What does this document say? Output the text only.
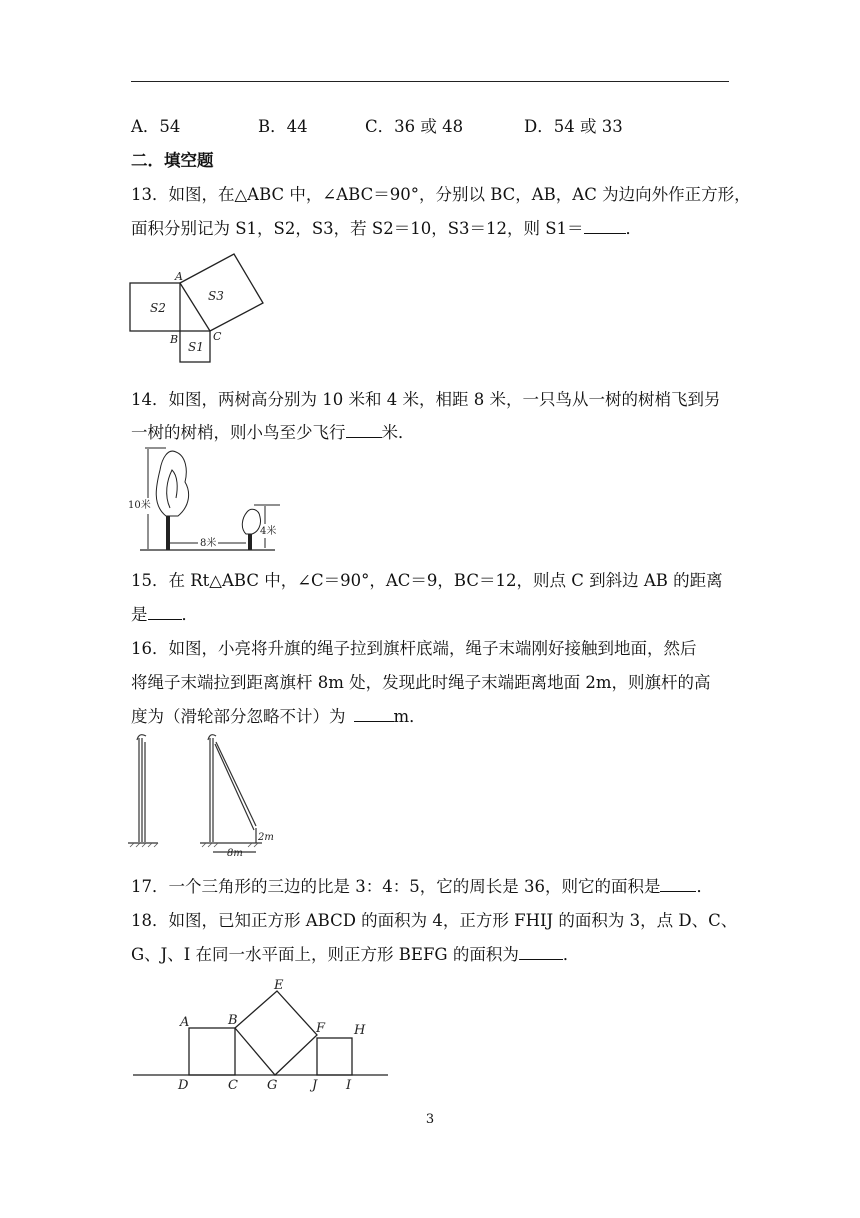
A．54	B．44	C．36 或 48	D．54 或 33
二．填空题
13．如图，在△ABC 中，∠ABC＝90°，分别以 BC，AB，AC 为边向外作正方形，
面积分别记为 S1，S2，S3，若 S2＝10，S3＝12，则 S1＝	．
A
B	C
S2
S3
S1
14．如图，两树高分别为 10 米和 4 米，相距 8 米，一只鸟从一树的树梢飞到另
一树的树梢，则小鸟至少飞行 米．
10米
8米
4米
15．在 Rt△ABC 中，∠C＝90°，AC＝9，BC＝12，则点 C 到斜边 AB 的距离
是 ．
16．如图，小亮将升旗的绳子拉到旗杆底端，绳子末端刚好接触到地面，然后
将绳子末端拉到距离旗杆 8m 处，发现此时绳子末端距离地面 2m，则旗杆的高
度为（滑轮部分忽略不计）为	m．
2m
8m
17．一个三角形的三边的比是 3：4：5，它的周长是 36，则它的面积是 ．
18．如图，已知正方形 ABCD 的面积为 4，正方形 FHIJ 的面积为 3，点 D、C、
G、J、I 在同一水平面上，则正方形 BEFG 的面积为	．
A	B
E
F H
D	C G	J I
3
